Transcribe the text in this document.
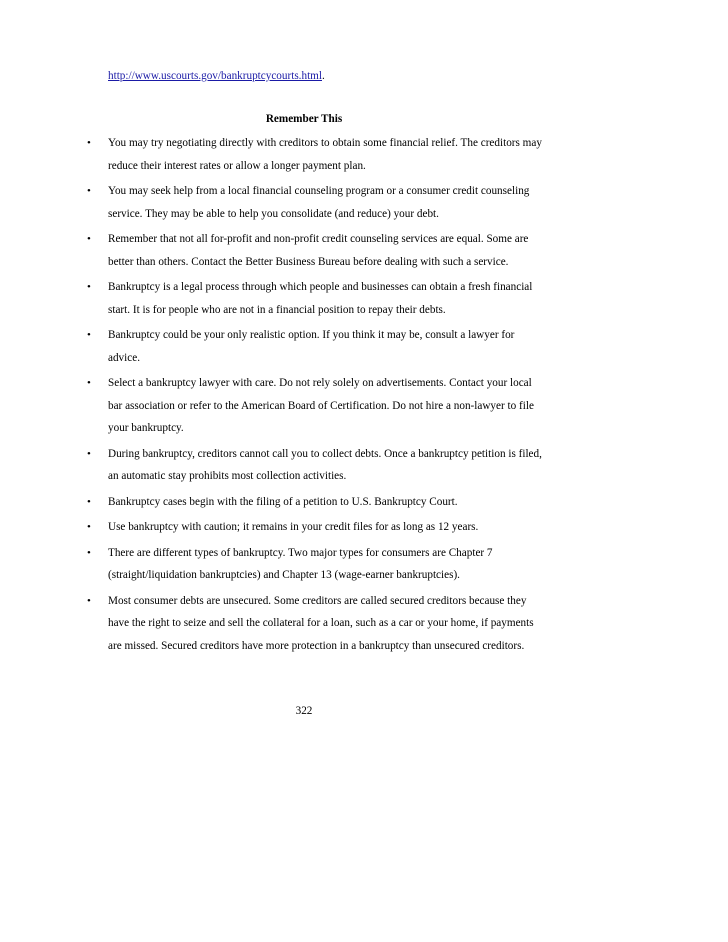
http://www.uscourts.gov/bankruptcycourts.html.
Remember This
• You may try negotiating directly with creditors to obtain some financial relief. The creditors may reduce their interest rates or allow a longer payment plan.
• You may seek help from a local financial counseling program or a consumer credit counseling service. They may be able to help you consolidate (and reduce) your debt.
• Remember that not all for-profit and non-profit credit counseling services are equal. Some are better than others. Contact the Better Business Bureau before dealing with such a service.
• Bankruptcy is a legal process through which people and businesses can obtain a fresh financial start. It is for people who are not in a financial position to repay their debts.
• Bankruptcy could be your only realistic option. If you think it may be, consult a lawyer for advice.
• Select a bankruptcy lawyer with care. Do not rely solely on advertisements. Contact your local bar association or refer to the American Board of Certification. Do not hire a non-lawyer to file your bankruptcy.
• During bankruptcy, creditors cannot call you to collect debts. Once a bankruptcy petition is filed, an automatic stay prohibits most collection activities.
• Bankruptcy cases begin with the filing of a petition to U.S. Bankruptcy Court.
• Use bankruptcy with caution; it remains in your credit files for as long as 12 years.
• There are different types of bankruptcy. Two major types for consumers are Chapter 7 (straight/liquidation bankruptcies) and Chapter 13 (wage-earner bankruptcies).
• Most consumer debts are unsecured. Some creditors are called secured creditors because they have the right to seize and sell the collateral for a loan, such as a car or your home, if payments are missed. Secured creditors have more protection in a bankruptcy than unsecured creditors.
322
